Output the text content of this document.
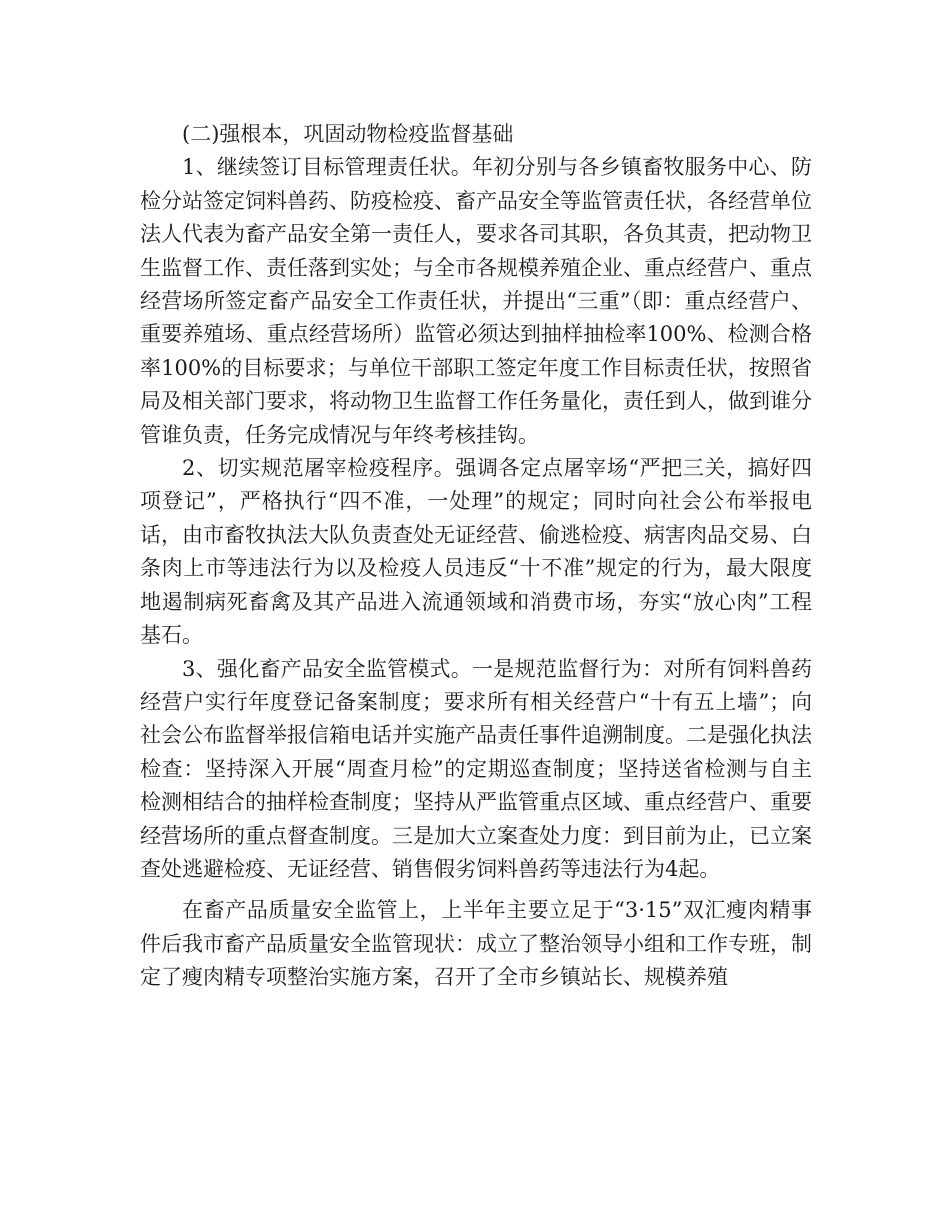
(二)强根本，巩固动物检疫监督基础

1、继续签订目标管理责任状。年初分别与各乡镇畜牧服务中心、防检分站签定饲料兽药、防疫检疫、畜产品安全等监管责任状，各经营单位法人代表为畜产品安全第一责任人，要求各司其职，各负其责，把动物卫生监督工作、责任落到实处；与全市各规模养殖企业、重点经营户、重点经营场所签定畜产品安全工作责任状，并提出“三重”（即：重点经营户、重要养殖场、重点经营场所）监管必须达到抽样抽检率100%、检测合格率100%的目标要求；与单位干部职工签定年度工作目标责任状，按照省局及相关部门要求，将动物卫生监督工作任务量化，责任到人，做到谁分管谁负责，任务完成情况与年终考核挂钩。

2、切实规范屠宰检疫程序。强调各定点屠宰场“严把三关，搞好四项登记”，严格执行“四不准，一处理”的规定；同时向社会公布举报电话，由市畜牧执法大队负责查处无证经营、偷逃检疫、病害肉品交易、白条肉上市等违法行为以及检疫人员违反“十不准”规定的行为，最大限度地遏制病死畜禽及其产品进入流通领域和消费市场，夯实“放心肉”工程基石。

3、强化畜产品安全监管模式。一是规范监督行为：对所有饲料兽药经营户实行年度登记备案制度；要求所有相关经营户“十有五上墙”；向社会公布监督举报信箱电话并实施产品责任事件追溯制度。二是强化执法检查：坚持深入开展“周查月检”的定期巡查制度；坚持送省检测与自主检测相结合的抽样检查制度；坚持从严监管重点区域、重点经营户、重要经营场所的重点督查制度。三是加大立案查处力度：到目前为止，已立案查处逃避检疫、无证经营、销售假劣饲料兽药等违法行为4起。

在畜产品质量安全监管上，上半年主要立足于“3·15”双汇瘦肉精事件后我市畜产品质量安全监管现状：成立了整治领导小组和工作专班，制定了瘦肉精专项整治实施方案，召开了全市乡镇站长、规模养殖
